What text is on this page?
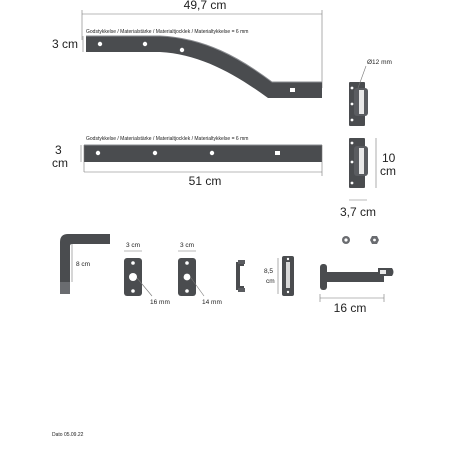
49,7 cm
3 cm
Godstykkelse / Materialstärke / Materialtjocklek / Materialtykkelse = 6 mm
Godstykkelse / Materialstärke / Materialtjocklek / Materialtykkelse = 6 mm
51 cm
3
cm
Ø12 mm
10
cm
3,7 cm
8 cm
3 cm
16 mm
3 cm
14 mm
8,5
cm
16 cm
Dato 05.09.22
